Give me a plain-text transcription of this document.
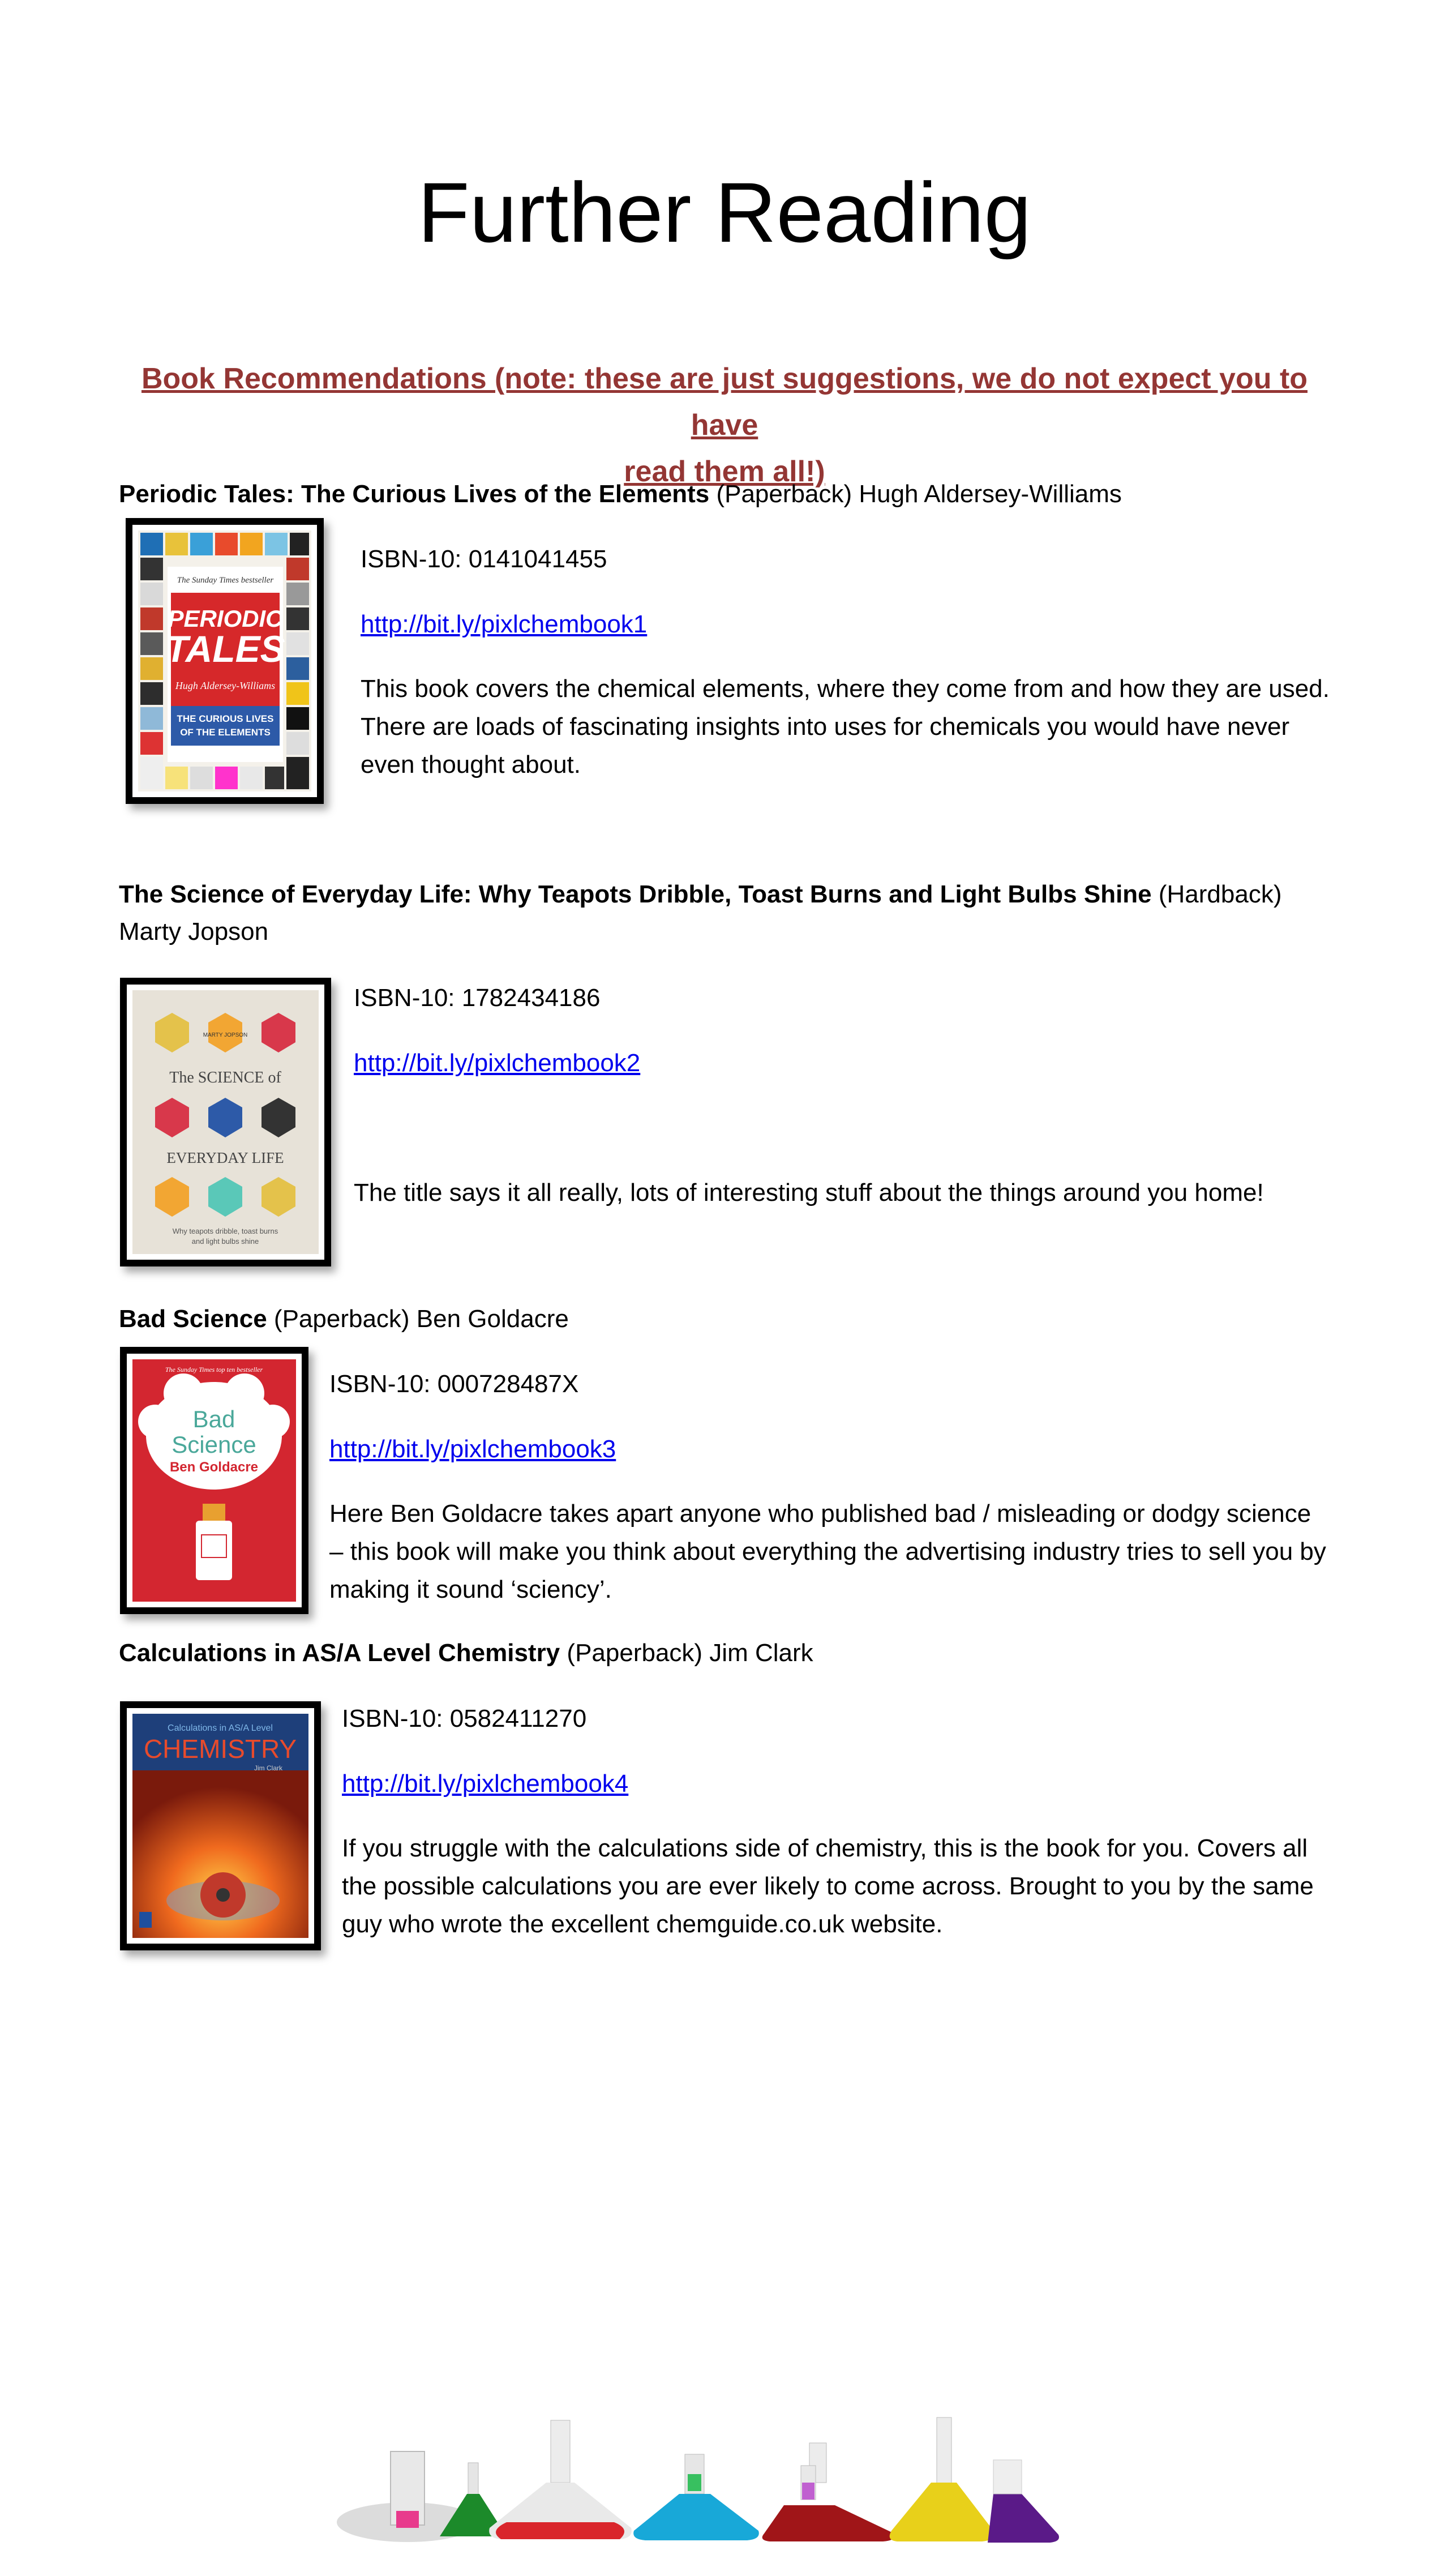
Further Reading
Book Recommendations (note: these are just suggestions, we do not expect you to have
read them all!)
Periodic Tales: The Curious Lives of the Elements (Paperback) Hugh Aldersey-Williams
The Sunday Times bestseller
PERIODIC
TALES
Hugh Aldersey-Williams
THE CURIOUS LIVES
OF THE ELEMENTS
ISBN-10: 0141041455
http://bit.ly/pixlchembook1
This book covers the chemical elements, where they come from and how they are used. There are loads of fascinating insights into uses for chemicals you would have never even thought about.
The Science of Everyday Life: Why Teapots Dribble, Toast Burns and Light Bulbs Shine (Hardback) Marty Jopson
MARTY JOPSON
The SCIENCE of
EVERYDAY LIFE
Why teapots dribble, toast burns
and light bulbs shine
ISBN-10: 1782434186
http://bit.ly/pixlchembook2
The title says it all really, lots of interesting stuff about the things around you home!
Bad Science (Paperback) Ben Goldacre
The Sunday Times top ten bestseller
Bad
Science
Ben Goldacre
ISBN-10: 000728487X
http://bit.ly/pixlchembook3
Here Ben Goldacre takes apart anyone who published bad / misleading or dodgy science – this book will make you think about everything the advertising industry tries to sell you by making it sound ‘sciency’.
Calculations in AS/A Level Chemistry (Paperback) Jim Clark
Calculations in AS/A Level
CHEMISTRY
Jim Clark
ISBN-10: 0582411270
http://bit.ly/pixlchembook4
If you struggle with the calculations side of chemistry, this is the book for you. Covers all the possible calculations you are ever likely to come across. Brought to you by the same guy who wrote the excellent chemguide.co.uk website.
